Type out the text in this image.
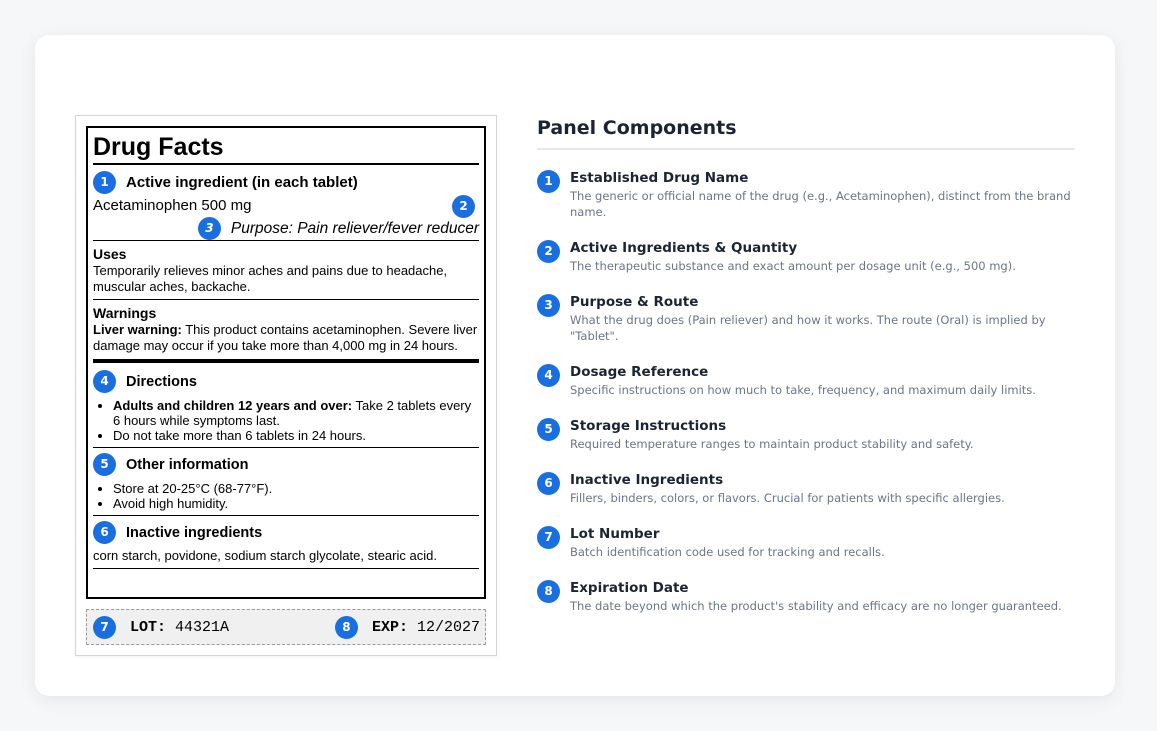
Drug Facts
1	Active ingredient (in each tablet)
Acetaminophen 500 mg	2
3	Purpose: Pain reliever/fever reducer
Uses
Temporarily relieves minor aches and pains due to headache, muscular aches, backache.
Warnings
Liver warning: This product contains acetaminophen. Severe liver damage may occur if you take more than 4,000 mg in 24 hours.
4	Directions
• Adults and children 12 years and over: Take 2 tablets every 6 hours while symptoms last.
• Do not take more than 6 tablets in 24 hours.
5	Other information
• Store at 20-25°C (68-77°F).
• Avoid high humidity.
6	Inactive ingredients
corn starch, povidone, sodium starch glycolate, stearic acid.
7	LOT: 44321A	8	EXP: 12/2027
Panel Components
1	Established Drug Name
The generic or official name of the drug (e.g., Acetaminophen), distinct from the brand name.
2	Active Ingredients & Quantity
The therapeutic substance and exact amount per dosage unit (e.g., 500 mg).
3	Purpose & Route
What the drug does (Pain reliever) and how it works. The route (Oral) is implied by "Tablet".
4	Dosage Reference
Specific instructions on how much to take, frequency, and maximum daily limits.
5	Storage Instructions
Required temperature ranges to maintain product stability and safety.
6	Inactive Ingredients
Fillers, binders, colors, or flavors. Crucial for patients with specific allergies.
7	Lot Number
Batch identification code used for tracking and recalls.
8	Expiration Date
The date beyond which the product's stability and efficacy are no longer guaranteed.
